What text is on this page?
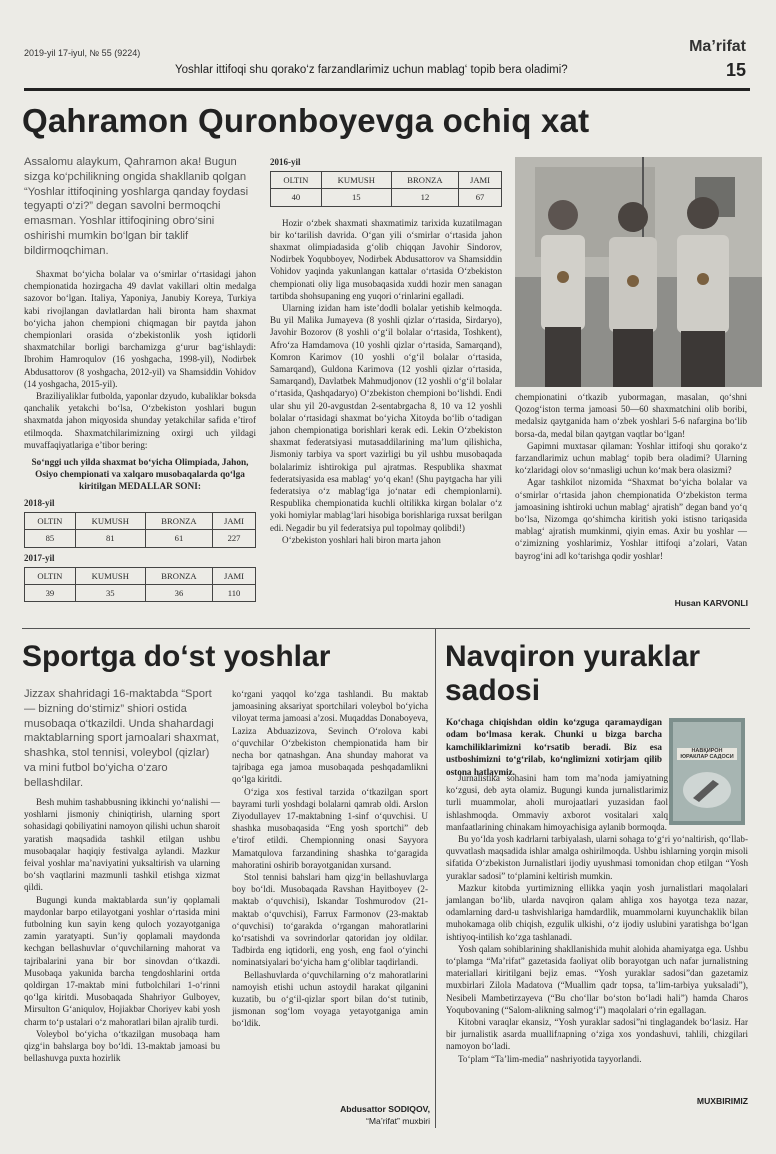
2019-yil 17-iyul, № 55 (9224)	Ma’rifat
Yoshlar ittifoqi shu qorako‘z farzandlarimiz uchun mablag‘ topib bera oladimi?	15
Qahramon Quronboyevga ochiq xat

Assalomu alaykum, Qahramon aka! Bugun sizga ko‘pchilikning ongida shakllanib qolgan “Yoshlar ittifoqining yoshlarga qanday foydasi tegyapti o‘zi?” degan savolni bermoqchi emasman. Yoshlar ittifoqining obro‘sini oshirishi mumkin bo‘lgan bir taklif bildirmoqchiman.

Shaxmat bo‘yicha bolalar va o‘smirlar o‘rtasidagi jahon chempionatida hozirgacha 49 davlat vakillari oltin medalga sazovor bo‘lgan. Italiya, Yaponiya, Janubiy Koreya, Turkiya kabi rivojlangan davlatlardan hali bironta ham shaxmat bo‘yicha jahon chempioni chiqmagan bir paytda jahon chempionlari orasida o‘zbekistonlik yosh iqtidorli shaxmatchilar borligi barchamizga g‘urur bag‘ishlaydi: Ibrohim Hamroqulov (16 yoshgacha, 1998-yil), Nodirbek Abdusattorov (8 yoshgacha, 2012-yil) va Shamsiddin Vohidov (14 yoshgacha, 2015-yil).

Braziliyaliklar futbolda, yaponlar dzyudo, kubaliklar boksda qanchalik yetakchi bo‘lsa, O‘zbekiston yoshlari bugun shaxmatda jahon miqyosida shunday yetakchilar safida e’tirof etilmoqda. Shaxmatchilarimizning oxirgi uch yildagi muvaffaqiyatlariga e’tibor bering:

So‘nggi uch yilda shaxmat bo‘yicha Olimpiada, Jahon, Osiyo chempionati va xalqaro musobaqalarda qo‘lga kiritilgan MEDALLAR SONI:
2018-yil
OLTIN	KUMUSH	BRONZA	JAMI
85	81	61	227
2017-yil
OLTIN	KUMUSH	BRONZA	JAMI
39	35	36	110
2016-yil
OLTIN	KUMUSH	BRONZA	JAMI
40	15	12	67

Hozir o‘zbek shaxmati shaxmatimiz tarixida kuzatilmagan bir ko‘tarilish davrida. O‘gan yili o‘smirlar o‘rtasida jahon shaxmat olimpiadasida g‘olib chiqqan Javohir Sindorov, Nodirbek Yoqubboyev, Nodirbek Abdusattorov va Shamsiddin Vohidov yaqinda yakunlangan kattalar o‘rtasida O‘zbekiston chempionati oliy liga musobaqasida xuddi hozir men sanagan tartibda shohsupaning eng yuqori o‘rinlarini egalladi.

Ularning izidan ham iste’dodli bolalar yetishib kelmoqda. Bu yil Malika Jumayeva (8 yoshli qizlar o‘rtasida, Sirdaryo), Javohir Bozorov (8 yoshli o‘g‘il bolalar o‘rtasida, Toshkent), Afro‘za Hamdamova (10 yoshli qizlar o‘rtasida, Samarqand), Komron Karimov (10 yoshli o‘g‘il bolalar o‘rtasida, Samarqand), Guldona Karimova (12 yoshli qizlar o‘rtasida, Samarqand), Davlatbek Mahmudjonov (12 yoshli o‘g‘il bolalar o‘rtasida, Qashqadaryo) O‘zbekiston chempioni bo‘lishdi. Endi ular shu yil 20-avgustdan 2-sentabrgacha 8, 10 va 12 yoshli bolalar o‘rtasidagi shaxmat bo‘yicha Xitoyda bo‘lib o‘tadigan jahon chempionatiga borishlari kerak edi. Lekin O‘zbekiston shaxmat federatsiyasi mutasaddilarining ma’lum qilishicha, Jismoniy tarbiya va sport vazirligi bu yil ushbu musobaqada bolalarimiz ishtirokiga pul ajratmas. Respublika shaxmat federatsiyasida esa mablag‘ yo‘q ekan! (Shu paytgacha har yili federatsiya o‘z mablag‘iga jo‘natar edi chempionlarni). Respublika chempionatida kuchli oltilikka kirgan bolalar o‘z yoki homiylar mablag‘lari hisobiga borishlariga ruxsat berilgan edi. Negadir bu yil federatsiya pul topolmay qolibdi!)

O‘zbekiston yoshlari hali biron marta jahon

chempionatini o‘tkazib yubormagan, masalan, qo‘shni Qozog‘iston terma jamoasi 50—60 shaxmatchini olib boribi, medalsiz qaytganida ham o‘zbek yoshlari 5-6 nafargina bo‘lib borsa-da, medal bilan qaytgan vaqtlar bo‘lgan!

Gapimni muxtasar qilaman: Yoshlar ittifoqi shu qorako‘z farzandlarimiz uchun mablag‘ topib bera oladimi? Ularning ko‘zlaridagi olov so‘nmasligi uchun ko‘mak bera olasizmi?

Agar tashkilot nizomida “Shaxmat bo‘yicha bolalar va o‘smirlar o‘rtasida jahon chempionatida O‘zbekiston terma jamoasining ishtiroki uchun mablag‘ ajratish” degan band yo‘q bo‘lsa, Nizomga qo‘shimcha kiritish yoki istisno tariqasida mablag‘ ajratish mumkinmi, qiyin emas. Axir bu yoshlar — o‘zimizning yoshlarimiz, Yoshlar ittifoqi a’zolari, Vatan bayrog‘ini adl ko‘tarishga qodir yoshlar!

Husan KARVONLI
Sportga do‘st yoshlar

Jizzax shahridagi 16-maktabda “Sport — bizning do‘stimiz” shiori ostida musobaqa o‘tkazildi. Unda shahardagi maktablarning sport jamoalari shaxmat, shashka, stol tennisi, voleybol (qizlar) va mini futbol bo‘yicha o‘zaro bellashdilar.

Besh muhim tashabbusning ikkinchi yo‘nalishi — yoshlarni jismoniy chiniqtirish, ularning sport sohasidagi qobiliyatini namoyon qilishi uchun sharoit yaratish maqsadida tashkil etilgan ushbu musobaqalar haqiqiy festivalga aylandi. Mazkur feival yoshlar ma’naviyatini yuksaltirish va ularning bo‘sh vaqtlarini mazmunli tashkil etishga xizmat qildi.

Bugungi kunda maktablarda sun’iy qoplamali maydonlar barpo etilayotgani yoshlar o‘rtasida mini futbolning kun sayin keng quloch yozayotganiga zamin yaratyapti. Sun’iy qoplamali maydonda kechgan bellashuvlar o‘quvchilarning mahorat va tajribalarini yana bir bor sinovdan o‘tkazdi. Musobaqa yakunida barcha tengdoshlarini ortda qoldirgan 17-maktab mini futbolchilari 1-o‘rinni qo‘lga kiritdi. Musobaqada Shahriyor Gulboyev, Mirsulton G‘aniqulov, Hojiakbar Choriyev kabi yosh charm to‘p ustalari o‘z mahoratlari bilan ajralib turdi.

Voleybol bo‘yicha o‘tkazilgan musobaqa ham qizg‘in bahslarga boy bo‘ldi. 13-maktab jamoasi bu bellashuvga puxta hozirlik

ko‘rgani yaqqol ko‘zga tashlandi. Bu maktab jamoasining aksariyat sportchilari voleybol bo‘yicha viloyat terma jamoasi a’zosi. Muqaddas Donaboyeva, Laziza Abduazizova, Sevinch O‘rolova kabi o‘quvchilar O‘zbekiston chempionatida ham bir necha bor qatnashgan. Ana shunday mahorat va tajribaga ega jamoa musobaqada peshqadamlikni qo‘lga kiritdi.

O‘ziga xos festival tarzida o‘tkazilgan sport bayrami turli yoshdagi bolalarni qamrab oldi. Arslon Ziyodullayev 17-maktabning 1-sinf o‘quvchisi. U shashka musobaqasida “Eng yosh sportchi” deb e’tirof etildi. Chempionning onasi Sayyora Mamatqulova farzandining shashka to‘garagida mahoratini oshirib borayotganidan xursand.

Stol tennisi bahslari ham qizg‘in bellashuvlarga boy bo‘ldi. Musobaqada Ravshan Hayitboyev (2-maktab o‘quvchisi), Iskandar Toshmurodov (21-maktab o‘quvchisi), Farrux Farmonov (23-maktab o‘quvchisi) to‘garakda o‘rgangan mahoratlarini ko‘rsatishdi va sovrindorlar qatoridan joy oldilar. Tadbirda eng iqtidorli, eng yosh, eng faol o‘yinchi nominatsiyalari bo‘yicha ham g‘oliblar taqdirlandi.

Bellashuvlarda o‘quvchilarning o‘z mahoratlarini namoyish etishi uchun astoydil harakat qilganini kuzatib, bu o‘g‘il-qizlar sport bilan do‘st tutinib, jismonan sog‘lom voyaga yetayotganiga amin bo‘ldik.

Abdusattor SODIQOV,
“Ma’rifat” muxbiri
Navqiron yuraklar sadosi
Ko‘chaga chiqishdan oldin ko‘zguga qaramaydigan odam bo‘lmasa kerak. Chunki u bizga barcha kamchiliklarimizni ko‘rsatib beradi. Biz esa ustbоshimizni to‘g‘rilab, ko‘nglimizni xotirjam qilib ostona hatlaymiz.
НАВҚИРОН ЮРАКЛАР САДОСИ

Jurnalistika sohasini ham tom ma’noda jamiyatning ko‘zgusi, deb ayta olamiz. Bugungi kunda jurnalistlarimiz turli muammolar, aholi murojaatlari yuzasidan faol ishlashmoqda. Ommaviy axborot vositalari xalq manfaatlarining chinakam himoyachisiga aylanib bormoqda.

Bu yo‘lda yosh kadrlarni tarbiyalash, ularni sohaga to‘g‘ri yo‘naltirish, qo‘llab-quvvatlash maqsadida ishlar amalga oshirilmoqda. Ushbu ishlarning yorqin misoli sifatida O‘zbekiston Jurnalistlari ijodiy uyushmasi tomonidan chop etilgan “Yosh yuraklar sadosi” to‘plamini keltirish mumkin.

Mazkur kitobda yurtimizning ellikka yaqin yosh jurnalistlari maqolalari jamlangan bo‘lib, ularda navqiron qalam ahliga xos hayotga teza nazar, odamlarning dard-u tashvishlariga hamdardlik, muammolarni kuyunchaklik bilan muhokamaga olib chiqish, ezgulik ulkishi, o‘z ijodiy uslubini yaratishga bo‘lgan ishtiyoq-intilish ko‘zga tashlanadi.

Yosh qalam sohiblarining shakllanishida muhit alohida ahamiyatga ega. Ushbu to‘plamga “Ma’rifat” gazetasida faoliyat olib borayotgan uch nafar jurnalistning materiallari kiritilgani bejiz emas. “Yosh yuraklar sadosi”dan gazetamiz muxbirlari Zilola Madatova (“Muallim qadr topsa, ta’lim-tarbiya yuksaladi”), Nesibeli Mambetirzayeva (“Bu cho‘llar bo‘ston bo‘ladi hali”) hamda Charos Yoqubovaning (“Salom-alikning salmog‘i”) maqolalari o‘rin egallagan.

Kitobni varaqlar ekansiz, “Yosh yuraklar sadosi”ni tinglagandek bo‘lasiz. Har bir jurnalistik asarda muallifларning o‘ziga xos yondashuvi, tahlili, chizgilari namoyon bo‘ladi.

To‘plam “Ta’lim-media” nashriyotida tayyorlandi.

MUXBIRIMIZ
